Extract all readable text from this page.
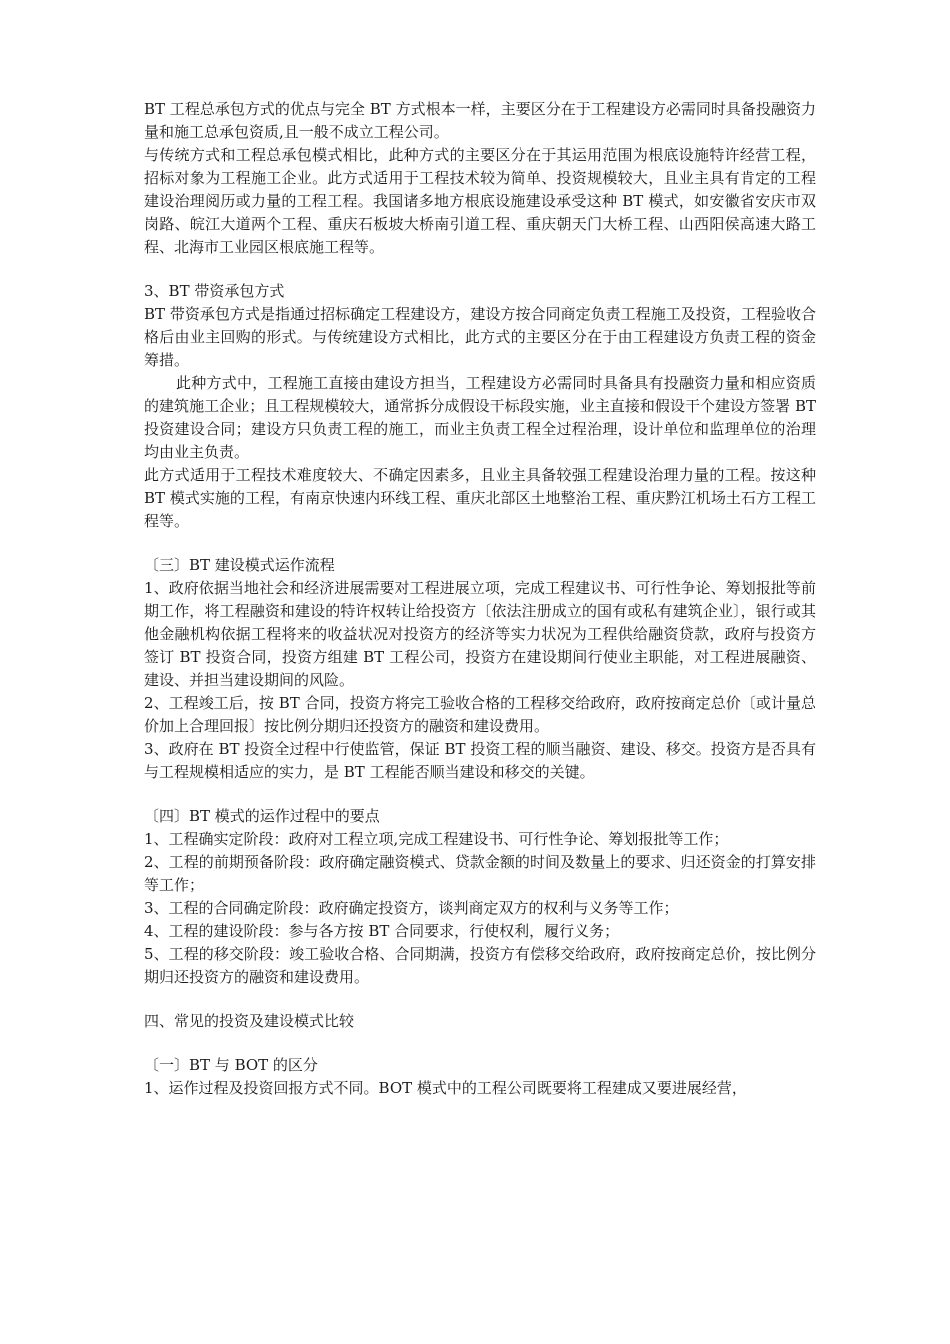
BT 工程总承包方式的优点与完全 BT 方式根本一样，主要区分在于工程建设方必需同时具备投融资力量和施工总承包资质,且一般不成立工程公司。

与传统方式和工程总承包模式相比，此种方式的主要区分在于其运用范围为根底设施特许经营工程，招标对象为工程施工企业。此方式适用于工程技术较为简单、投资规模较大，且业主具有肯定的工程建设治理阅历或力量的工程工程。我国诸多地方根底设施建设承受这种 BT 模式，如安徽省安庆市双岗路、皖江大道两个工程、重庆石板坡大桥南引道工程、重庆朝天门大桥工程、山西阳侯高速大路工程、北海市工业园区根底施工程等。

3、BT 带资承包方式

BT 带资承包方式是指通过招标确定工程建设方，建设方按合同商定负责工程施工及投资，工程验收合格后由业主回购的形式。与传统建设方式相比，此方式的主要区分在于由工程建设方负责工程的资金筹措。

此种方式中，工程施工直接由建设方担当，工程建设方必需同时具备具有投融资力量和相应资质的建筑施工企业；且工程规模较大，通常拆分成假设干标段实施，业主直接和假设干个建设方签署 BT 投资建设合同；建设方只负责工程的施工，而业主负责工程全过程治理，设计单位和监理单位的治理均由业主负责。

此方式适用于工程技术难度较大、不确定因素多，且业主具备较强工程建设治理力量的工程。按这种 BT 模式实施的工程，有南京快速内环线工程、重庆北部区土地整治工程、重庆黔江机场土石方工程工程等。

〔三〕BT 建设模式运作流程

1、政府依据当地社会和经济进展需要对工程进展立项，完成工程建议书、可行性争论、筹划报批等前期工作，将工程融资和建设的特许权转让给投资方〔依法注册成立的国有或私有建筑企业〕，银行或其他金融机构依据工程将来的收益状况对投资方的经济等实力状况为工程供给融资贷款，政府与投资方签订 BT 投资合同，投资方组建 BT 工程公司，投资方在建设期间行使业主职能，对工程进展融资、建设、并担当建设期间的风险。

2、工程竣工后，按 BT 合同，投资方将完工验收合格的工程移交给政府，政府按商定总价〔或计量总价加上合理回报〕按比例分期归还投资方的融资和建设费用。

3、政府在 BT 投资全过程中行使监管，保证 BT 投资工程的顺当融资、建设、移交。投资方是否具有与工程规模相适应的实力，是 BT 工程能否顺当建设和移交的关键。

〔四〕BT 模式的运作过程中的要点

1、工程确实定阶段：政府对工程立项,完成工程建设书、可行性争论、筹划报批等工作；

2、工程的前期预备阶段：政府确定融资模式、贷款金额的时间及数量上的要求、归还资金的打算安排等工作；

3、工程的合同确定阶段：政府确定投资方，谈判商定双方的权利与义务等工作；

4、工程的建设阶段：参与各方按 BT 合同要求，行使权利，履行义务；

5、工程的移交阶段：竣工验收合格、合同期满，投资方有偿移交给政府，政府按商定总价，按比例分期归还投资方的融资和建设费用。

四、常见的投资及建设模式比较

〔一〕BT 与 BOT 的区分

1、运作过程及投资回报方式不同。BOT 模式中的工程公司既要将工程建成又要进展经营，
